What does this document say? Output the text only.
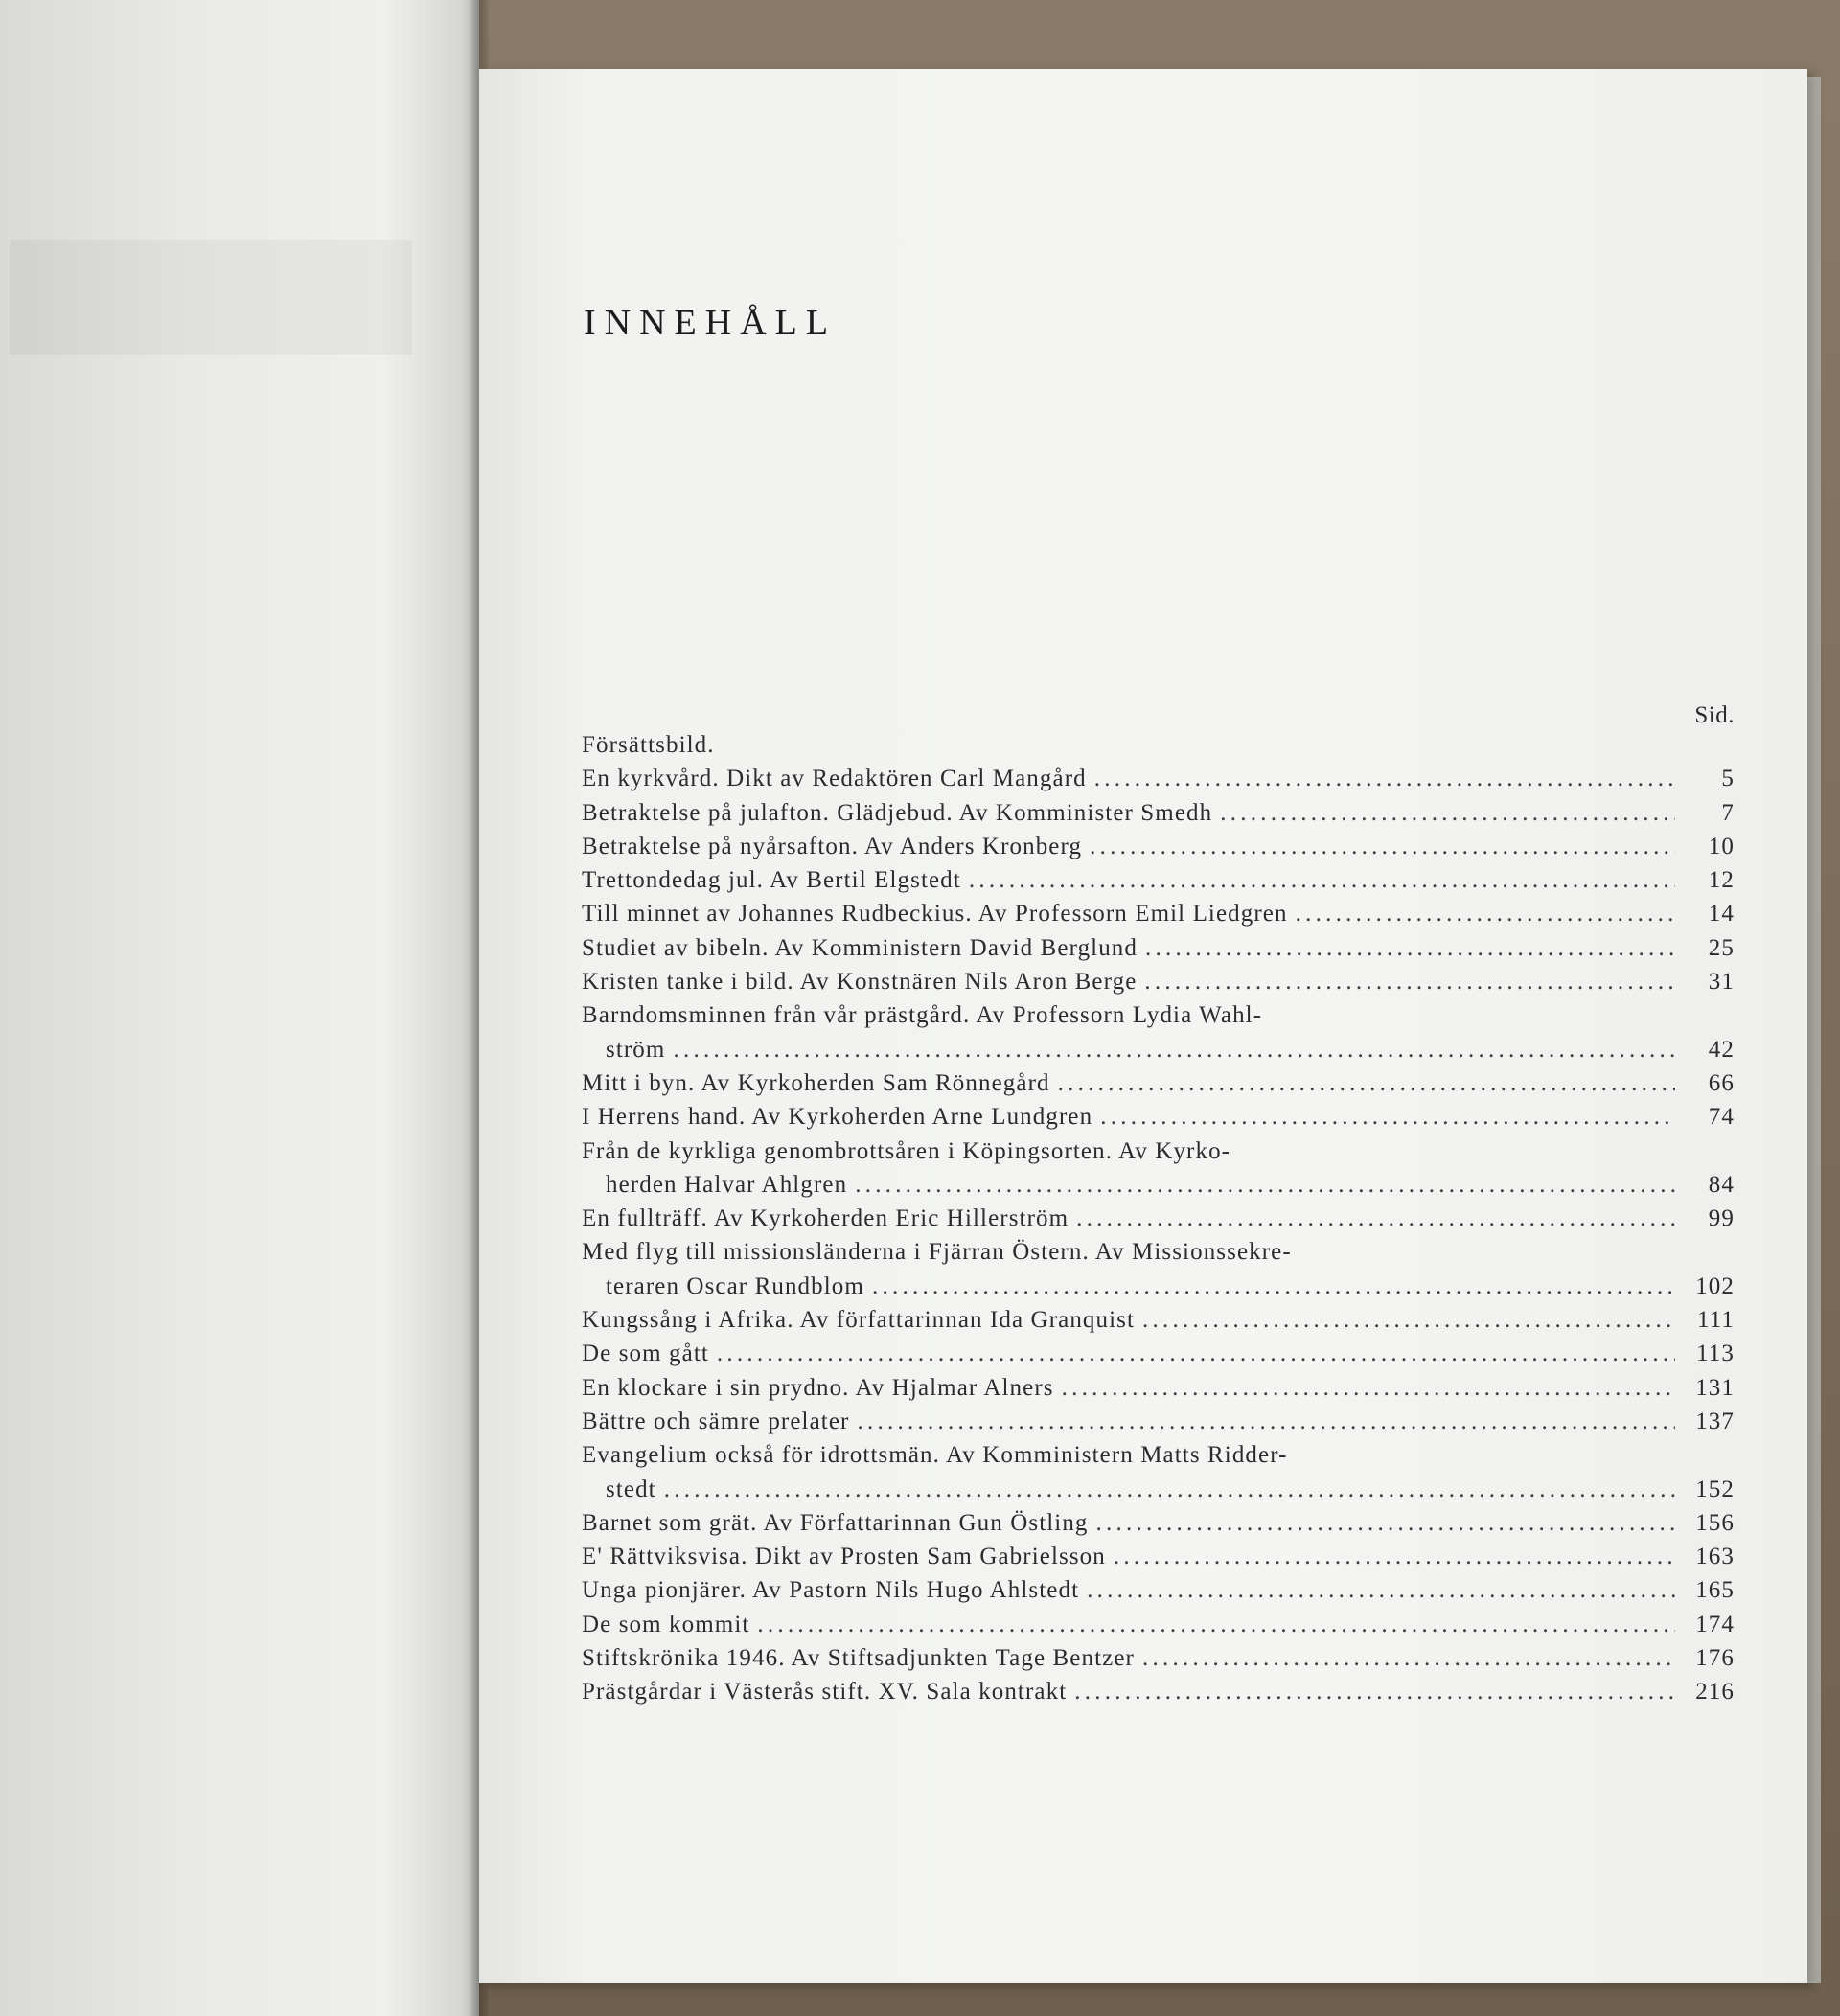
INNEHÅLL
Sid.
Försättsbild.
En kyrkvård. Dikt av Redaktören Carl Mangård . . .	5
Betraktelse på julafton. Glädjebud. Av Komminister Smedh . . .	7
Betraktelse på nyårsafton. Av Anders Kronberg . . .	10
Trettondedag jul. Av Bertil Elgstedt . . .	12
Till minnet av Johannes Rudbeckius. Av Professorn Emil Liedgren . . .	14
Studiet av bibeln. Av Komministern David Berglund . . .	25
Kristen tanke i bild. Av Konstnären Nils Aron Berge . . .	31
Barndomsminnen från vår prästgård. Av Professorn Lydia Wahl-
ström . . .	42
Mitt i byn. Av Kyrkoherden Sam Rönnegård . . .	66
I Herrens hand. Av Kyrkoherden Arne Lundgren . . .	74
Från de kyrkliga genombrottsåren i Köpingsorten. Av Kyrko-
herden Halvar Ahlgren . . .	84
En fullträff. Av Kyrkoherden Eric Hillerström . . .	99
Med flyg till missionsländerna i Fjärran Östern. Av Missionssekre-
teraren Oscar Rundblom . . .	102
Kungssång i Afrika. Av författarinnan Ida Granquist . . .	111
De som gått . . .	113
En klockare i sin prydno. Av Hjalmar Alners . . .	131
Bättre och sämre prelater . . .	137
Evangelium också för idrottsmän. Av Komministern Matts Ridder-
stedt . . .	152
Barnet som grät. Av Författarinnan Gun Östling . . .	156
E' Rättviksvisa. Dikt av Prosten Sam Gabrielsson . . .	163
Unga pionjärer. Av Pastorn Nils Hugo Ahlstedt . . .	165
De som kommit . . .	174
Stiftskrönika 1946. Av Stiftsadjunkten Tage Bentzer . . .	176
Prästgårdar i Västerås stift. XV. Sala kontrakt . . .	216
